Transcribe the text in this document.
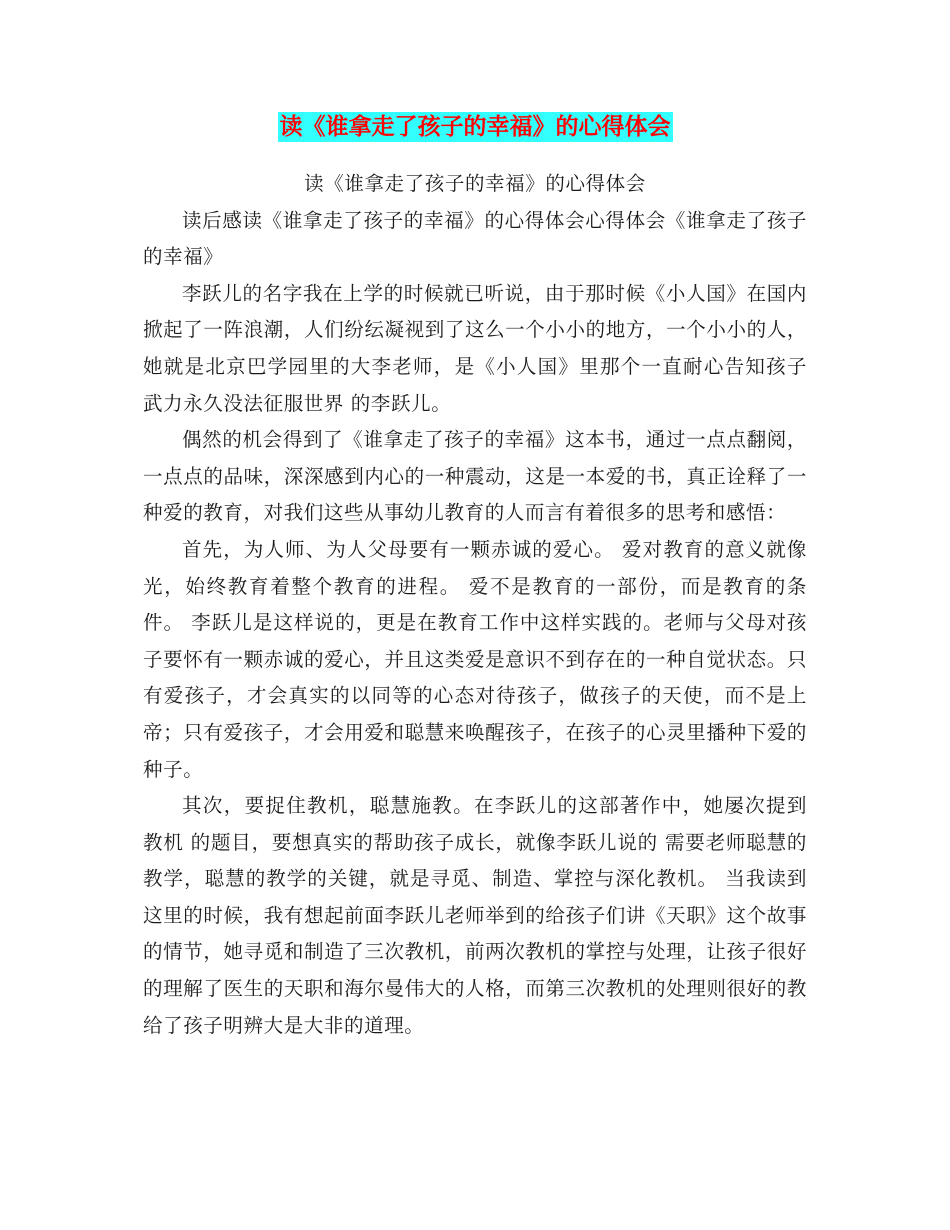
读《谁拿走了孩子的幸福》的心得体会

读《谁拿走了孩子的幸福》的心得体会

读后感读《谁拿走了孩子的幸福》的心得体会心得体会《谁拿走了孩子的幸福》

李跃儿的名字我在上学的时候就已听说，由于那时候《小人国》在国内掀起了一阵浪潮，人们纷纭凝视到了这么一个小小的地方，一个小小的人，她就是北京巴学园里的大李老师，是《小人国》里那个一直耐心告知孩子 武力永久没法征服世界 的李跃儿。

偶然的机会得到了《谁拿走了孩子的幸福》这本书，通过一点点翻阅，一点点的品味，深深感到内心的一种震动，这是一本爱的书，真正诠释了一种爱的教育，对我们这些从事幼儿教育的人而言有着很多的思考和感悟：

首先，为人师、为人父母要有一颗赤诚的爱心。 爱对教育的意义就像光，始终教育着整个教育的进程。 爱不是教育的一部份，而是教育的条件。 李跃儿是这样说的，更是在教育工作中这样实践的。老师与父母对孩子要怀有一颗赤诚的爱心，并且这类爱是意识不到存在的一种自觉状态。只有爱孩子，才会真实的以同等的心态对待孩子，做孩子的天使，而不是上帝；只有爱孩子，才会用爱和聪慧来唤醒孩子，在孩子的心灵里播种下爱的种子。

其次，要捉住教机，聪慧施教。在李跃儿的这部著作中，她屡次提到 教机 的题目，要想真实的帮助孩子成长，就像李跃儿说的 需要老师聪慧的教学，聪慧的教学的关键，就是寻觅、制造、掌控与深化教机。 当我读到这里的时候，我有想起前面李跃儿老师举到的给孩子们讲《天职》这个故事的情节，她寻觅和制造了三次教机，前两次教机的掌控与处理，让孩子很好的理解了医生的天职和海尔曼伟大的人格，而第三次教机的处理则很好的教给了孩子明辨大是大非的道理。
